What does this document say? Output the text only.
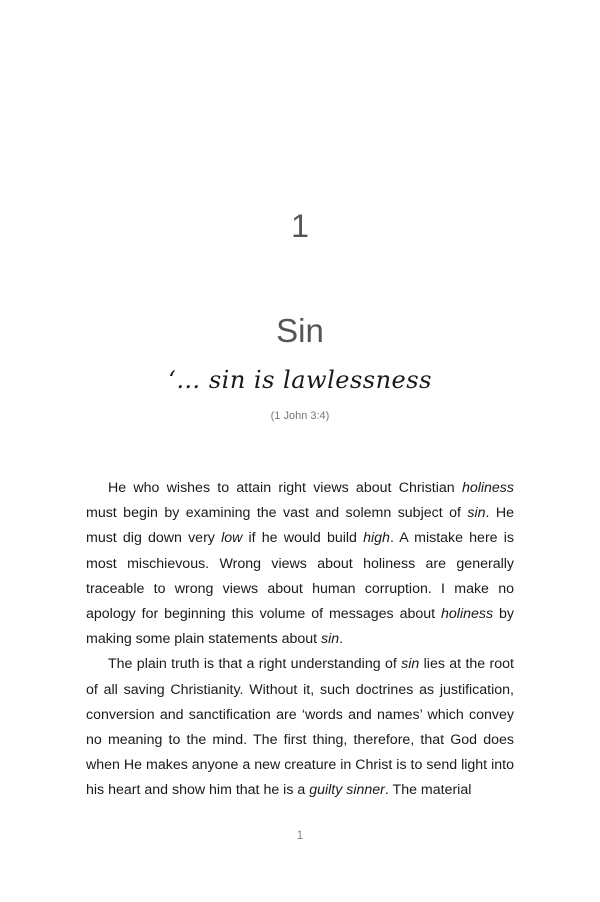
1
Sin
‘… sin is lawlessness
(1 John 3:4)

He who wishes to attain right views about Christian holiness must begin by examining the vast and solemn subject of sin. He must dig down very low if he would build high. A mistake here is most mischievous. Wrong views about holiness are generally traceable to wrong views about human corruption. I make no apology for beginning this volume of messages about holiness by making some plain statements about sin.

The plain truth is that a right understanding of sin lies at the root of all saving Christianity. Without it, such doctrines as justification, conversion and sanctification are ‘words and names’ which convey no meaning to the mind. The first thing, therefore, that God does when He makes anyone a new creature in Christ is to send light into his heart and show him that he is a guilty sinner. The material

1
